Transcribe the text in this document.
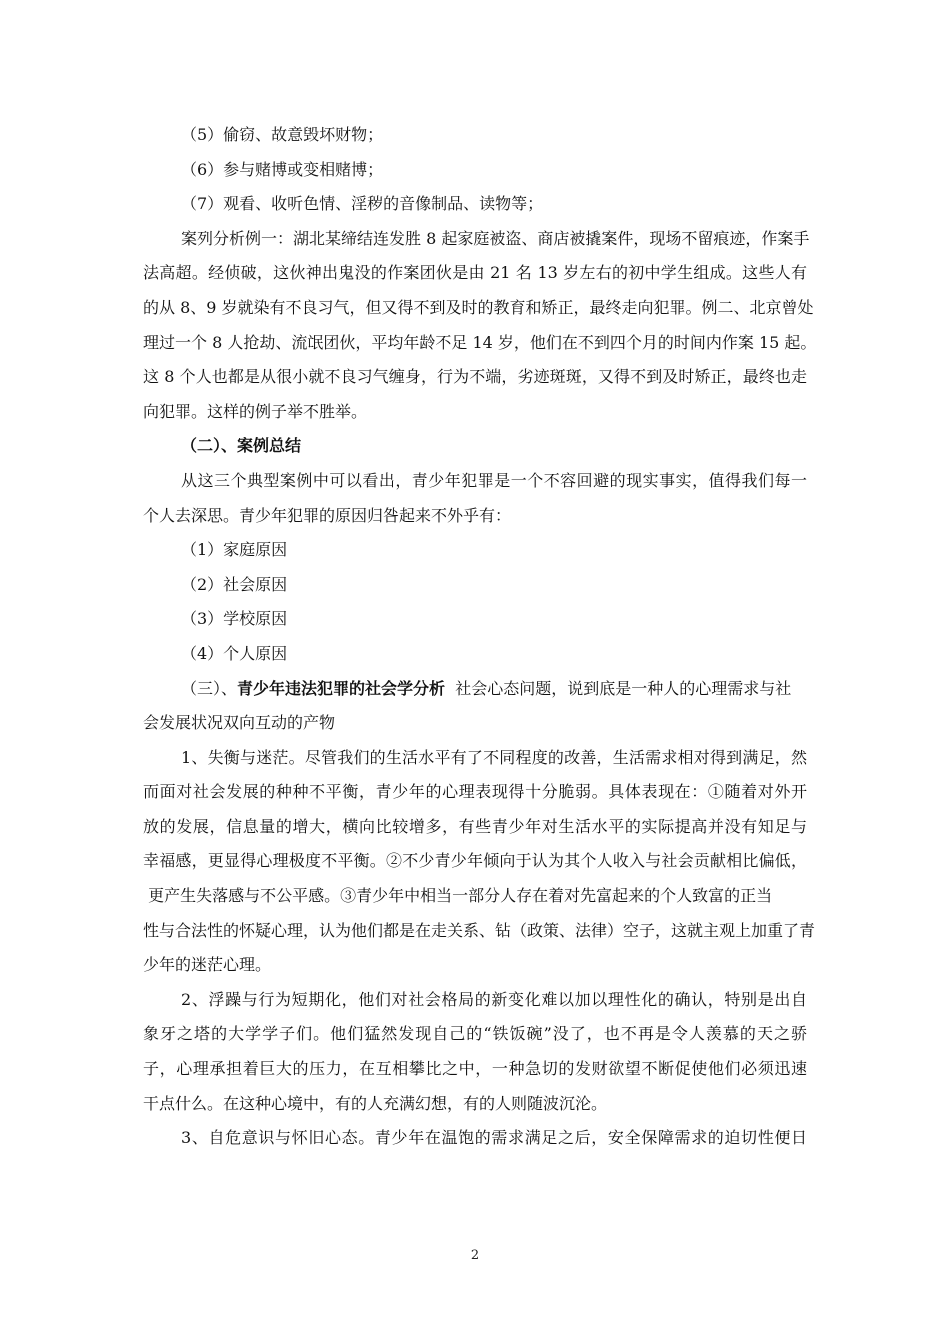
（5）偷窃、故意毁坏财物；
（6）参与赌博或变相赌博；
（7）观看、收听色情、淫秽的音像制品、读物等；
案列分析例一：湖北某缔结连发胜 8 起家庭被盗、商店被撬案件，现场不留痕迹，作案手
法高超。经侦破，这伙神出鬼没的作案团伙是由 21 名 13 岁左右的初中学生组成。这些人有
的从 8、9 岁就染有不良习气，但又得不到及时的教育和矫正，最终走向犯罪。例二、北京曾处
理过一个 8 人抢劫、流氓团伙，平均年龄不足 14 岁，他们在不到四个月的时间内作案 15 起。
这 8 个人也都是从很小就不良习气缠身，行为不端，劣迹斑斑，又得不到及时矫正，最终也走
向犯罪。这样的例子举不胜举。
（二）、案例总结
从这三个典型案例中可以看出，青少年犯罪是一个不容回避的现实事实，值得我们每一
个人去深思。青少年犯罪的原因归咎起来不外乎有：
（1）家庭原因
（2）社会原因
（3）学校原因
（4）个人原因
（三）、青少年违法犯罪的社会学分析  社会心态问题，说到底是一种人的心理需求与社
会发展状况双向互动的产物
1、失衡与迷茫。尽管我们的生活水平有了不同程度的改善，生活需求相对得到满足，然
而面对社会发展的种种不平衡，青少年的心理表现得十分脆弱。具体表现在：①随着对外开
放的发展，信息量的增大，横向比较增多，有些青少年对生活水平的实际提高并没有知足与
幸福感，更显得心理极度不平衡。②不少青少年倾向于认为其个人收入与社会贡献相比偏低，
更产生失落感与不公平感。③青少年中相当一部分人存在着对先富起来的个人致富的正当
性与合法性的怀疑心理，认为他们都是在走关系、钻（政策、法律）空子，这就主观上加重了青
少年的迷茫心理。
2、浮躁与行为短期化，他们对社会格局的新变化难以加以理性化的确认，特别是出自
象牙之塔的大学学子们。他们猛然发现自己的“铁饭碗”没了，也不再是令人羡慕的天之骄
子，心理承担着巨大的压力，在互相攀比之中，一种急切的发财欲望不断促使他们必须迅速
干点什么。在这种心境中，有的人充满幻想，有的人则随波沉沦。
3、自危意识与怀旧心态。青少年在温饱的需求满足之后，安全保障需求的迫切性便日
2
